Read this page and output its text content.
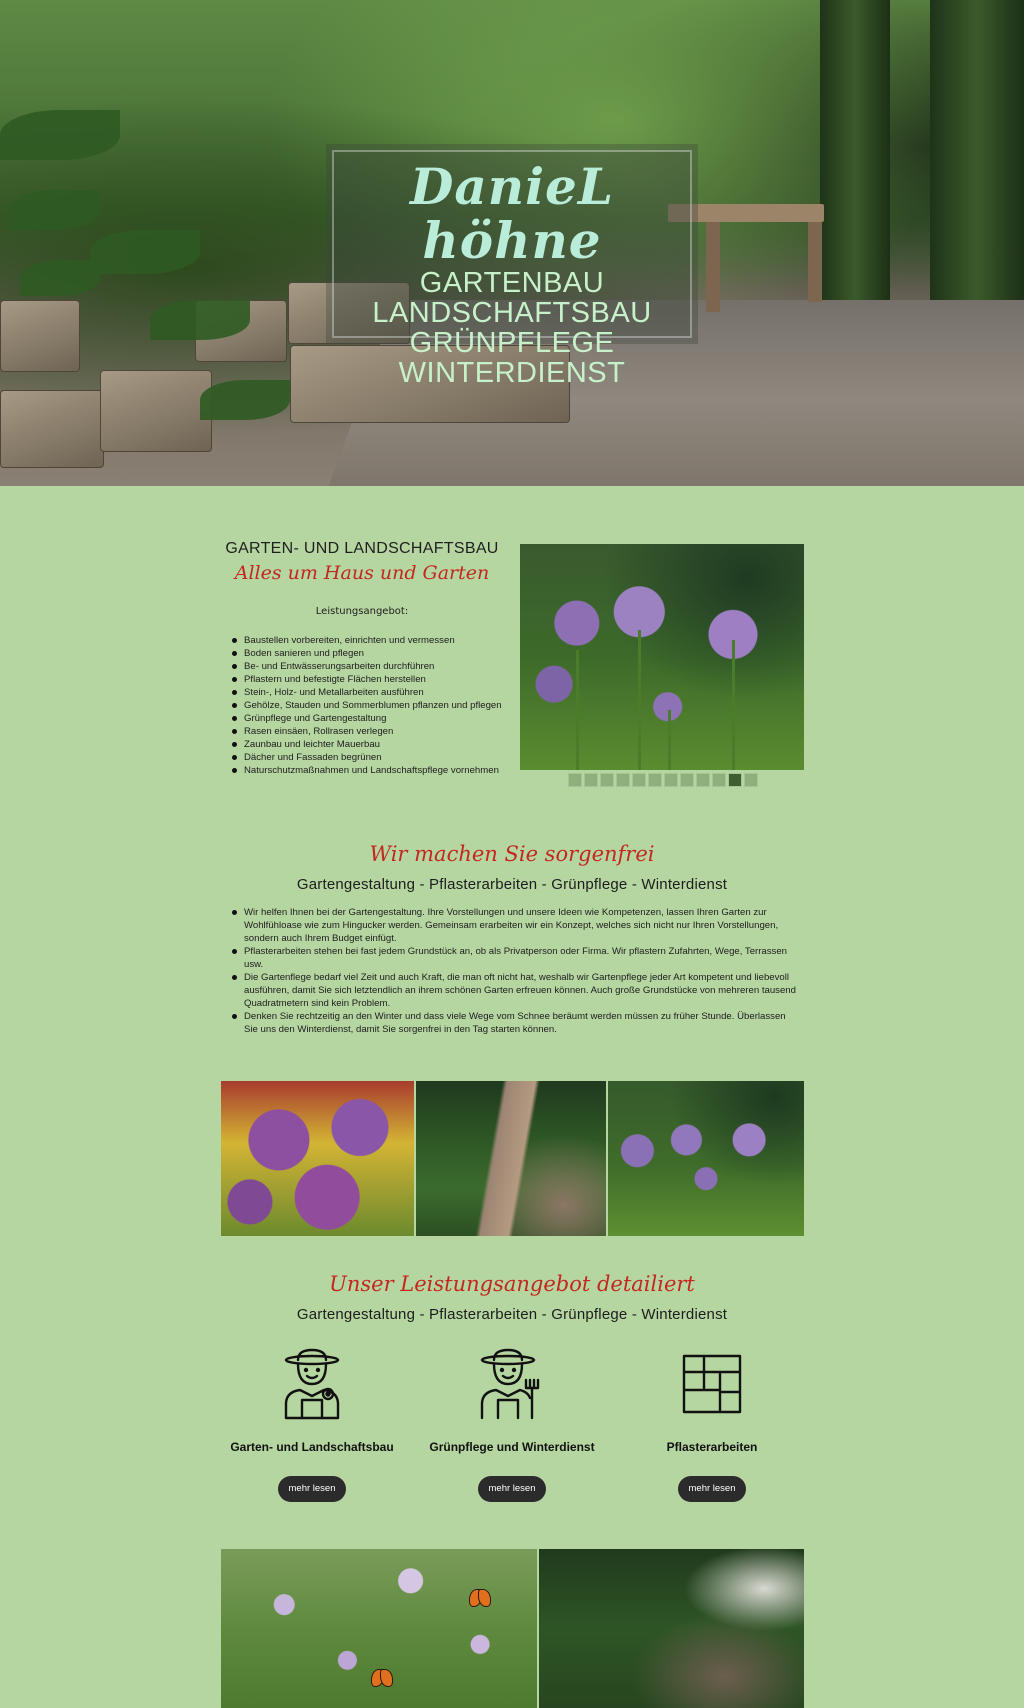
DanieL höhne
GARTENBAU
LANDSCHAFTSBAU
GRÜNPFLEGE
WINTERDIENST
GARTEN- UND LANDSCHAFTSBAU
Alles um Haus und Garten
Leistungsangebot:
Baustellen vorbereiten, einrichten und vermessen
Boden sanieren und pflegen
Be- und Entwässerungsarbeiten durchführen
Pflastern und befestigte Flächen herstellen
Stein-, Holz- und Metallarbeiten ausführen
Gehölze, Stauden und Sommerblumen pflanzen und pflegen
Grünpflege und Gartengestaltung
Rasen einsäen, Rollrasen verlegen
Zaunbau und leichter Mauerbau
Dächer und Fassaden begrünen
Naturschutzmaßnahmen und Landschaftspflege vornehmen
Wir machen Sie sorgenfrei
Gartengestaltung - Pflasterarbeiten - Grünpflege - Winterdienst
Wir helfen Ihnen bei der Gartengestaltung. Ihre Vorstellungen und unsere Ideen wie Kompetenzen, lassen Ihren Garten zur Wohlfühloase wie zum Hingucker werden. Gemeinsam erarbeiten wir ein Konzept, welches sich nicht nur Ihren Vorstellungen, sondern auch Ihrem Budget einfügt.
Pflasterarbeiten stehen bei fast jedem Grundstück an, ob als Privatperson oder Firma. Wir pflastern Zufahrten, Wege, Terrassen usw.
Die Gartenflege bedarf viel Zeit und auch Kraft, die man oft nicht hat, weshalb wir Gartenpflege jeder Art kompetent und liebevoll ausführen, damit Sie sich letztendlich an ihrem schönen Garten erfreuen können. Auch große Grundstücke von mehreren tausend Quadratmetern sind kein Problem.
Denken Sie rechtzeitig an den Winter und dass viele Wege vom Schnee beräumt werden müssen zu früher Stunde. Überlassen Sie uns den Winterdienst, damit Sie sorgenfrei in den Tag starten können.
Unser Leistungsangebot detailiert
Gartengestaltung - Pflasterarbeiten - Grünpflege - Winterdienst
Garten- und Landschaftsbau	Grünpflege und Winterdienst	Pflasterarbeiten
mehr lesen	mehr lesen	mehr lesen
